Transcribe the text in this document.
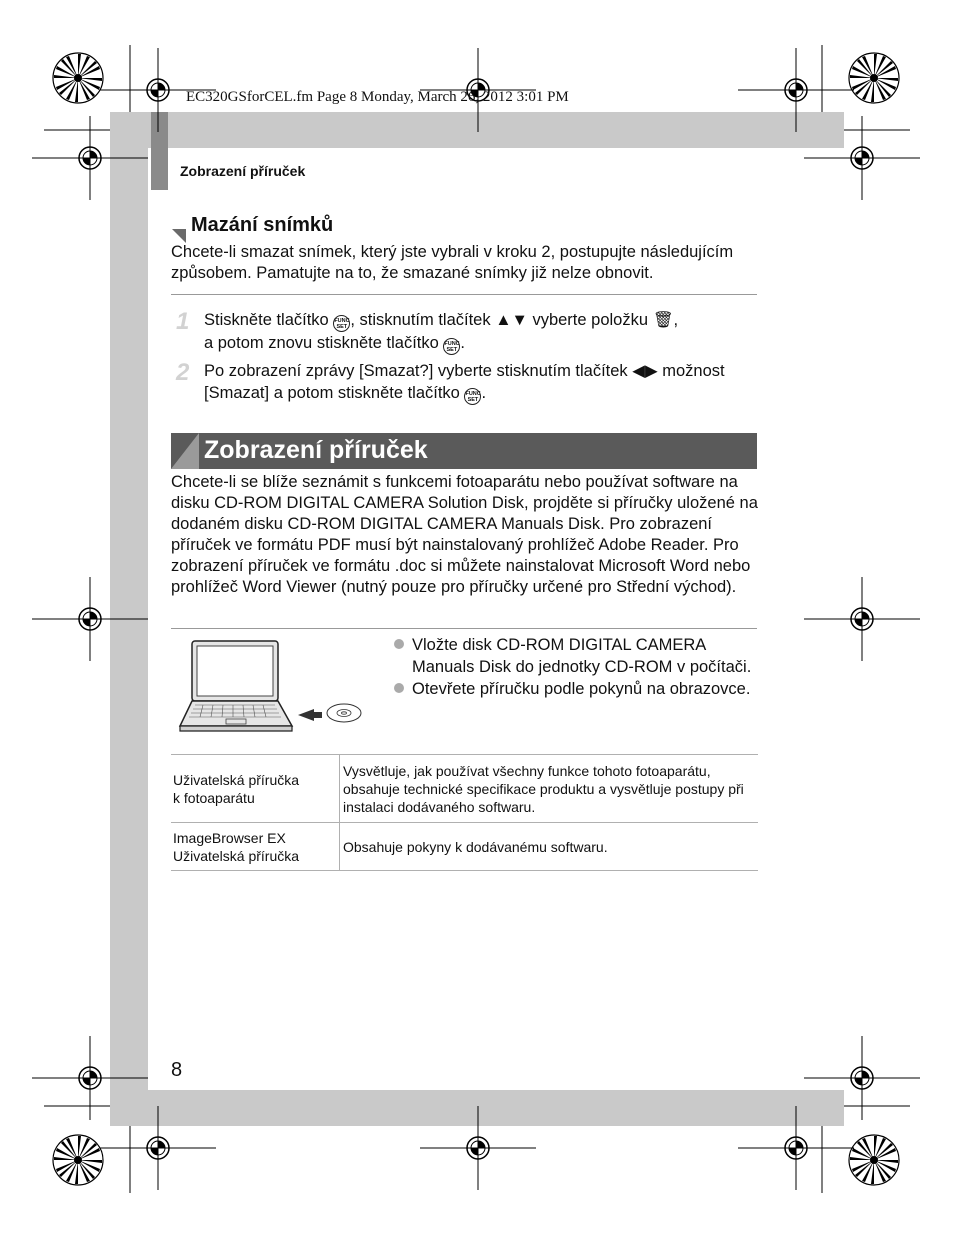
EC320GSforCEL.fm Page 8 Monday, March 26, 2012 3:01 PM
Zobrazení příruček
Mazání snímků
Chcete-li smazat snímek, který jste vybrali v kroku 2, postupujte následujícím způsobem. Pamatujte na to, že smazané snímky již nelze obnovit.
1 Stiskněte tlačítko FUNC
SET , stisknutím tlačítek ▲▼ vyberte položku 🗑,
a potom znovu stiskněte tlačítko FUNC
SET .
2 Po zobrazení zprávy [Smazat?] vyberte stisknutím tlačítek ◀▶ možnost [Smazat] a potom stiskněte tlačítko FUNC
SET .
Zobrazení příruček
Chcete-li se blíže seznámit s funkcemi fotoaparátu nebo používat software na disku CD-ROM DIGITAL CAMERA Solution Disk, projděte si příručky uložené na dodaném disku CD-ROM DIGITAL CAMERA Manuals Disk. Pro zobrazení příruček ve formátu PDF musí být nainstalovaný prohlížeč Adobe Reader. Pro zobrazení příruček ve formátu .doc si můžete nainstalovat Microsoft Word nebo prohlížeč Word Viewer (nutný pouze pro příručky určené pro Střední východ).
Vložte disk CD-ROM DIGITAL CAMERA Manuals Disk do jednotky CD-ROM v počítači.
Otevřete příručku podle pokynů na obrazovce.
Uživatelská příručka
k fotoaparátu	Vysvětluje, jak používat všechny funkce tohoto fotoaparátu, obsahuje technické specifikace produktu a vysvětluje postupy při instalaci dodávaného softwaru.
ImageBrowser EX
Uživatelská příručka	Obsahuje pokyny k dodávanému softwaru.
8
